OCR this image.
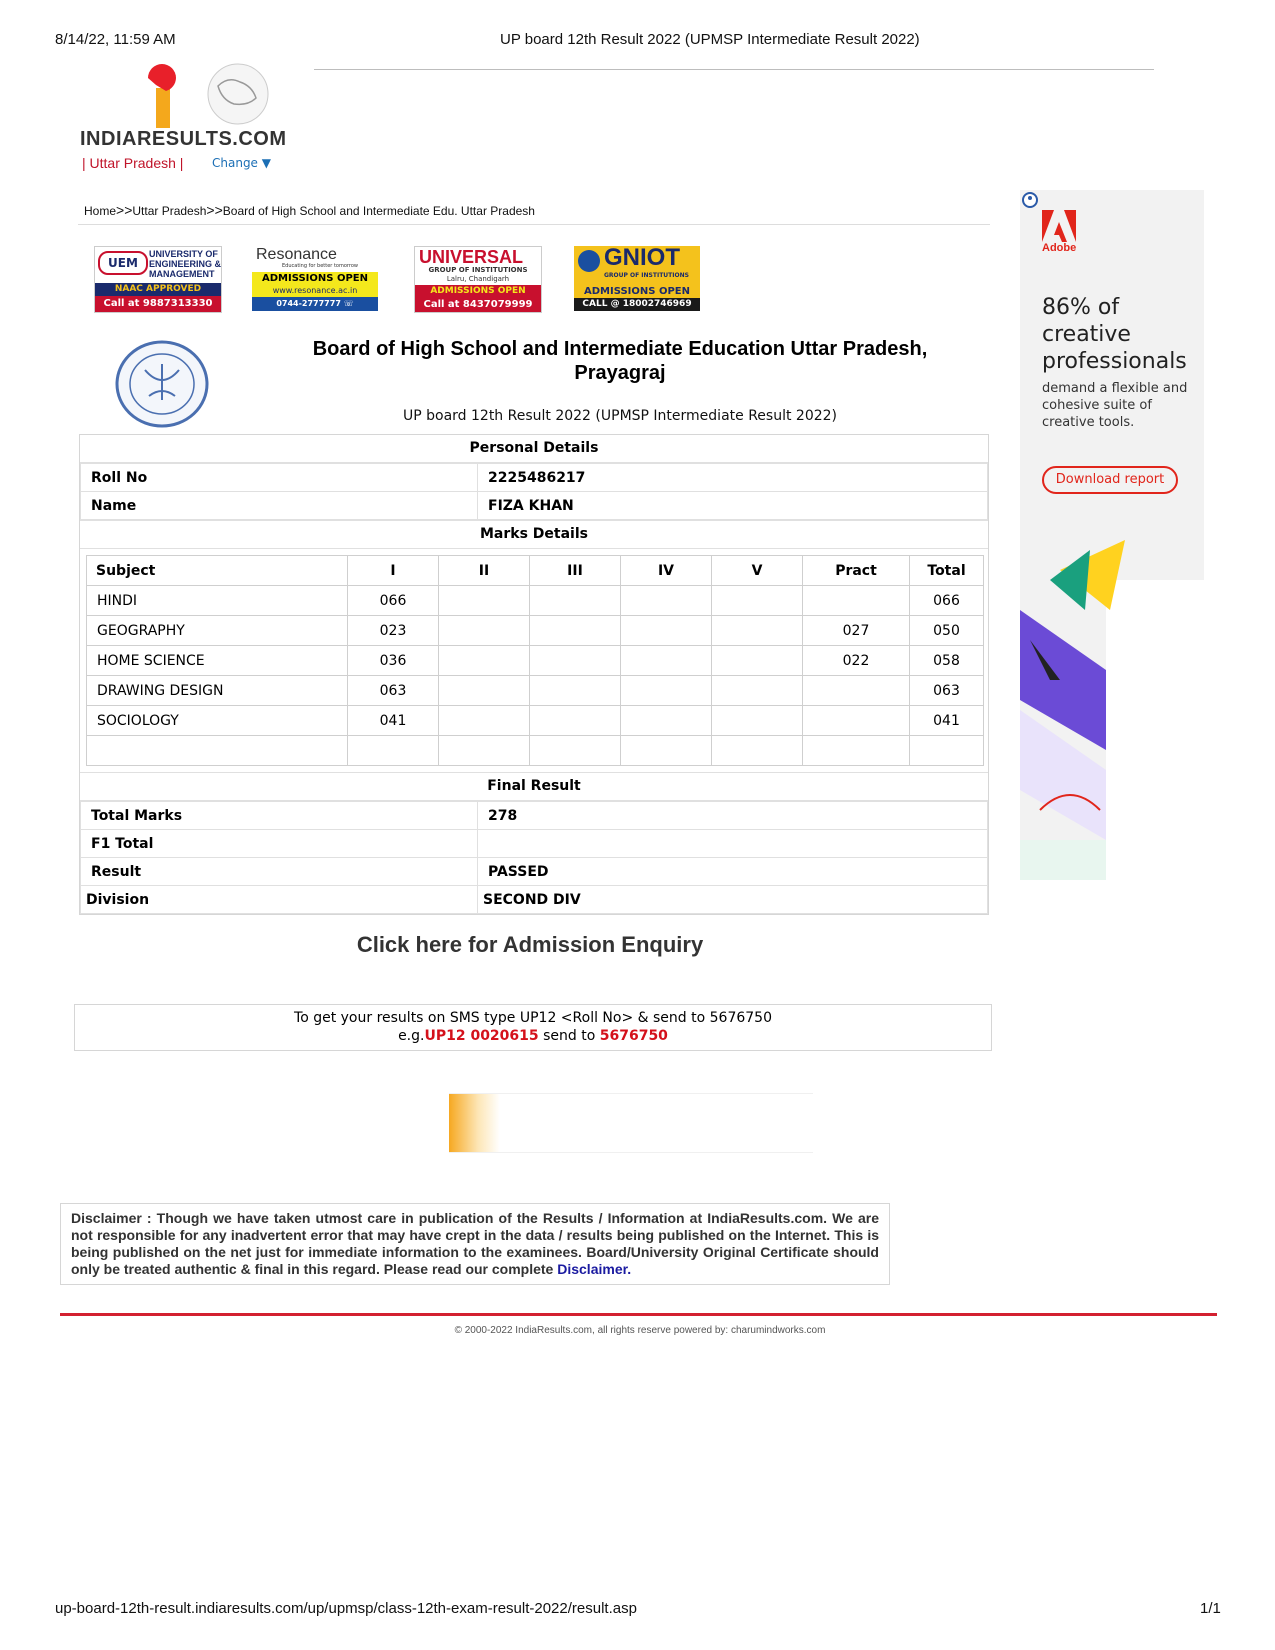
8/14/22, 11:59 AM	UP board 12th Result 2022 (UPMSP Intermediate Result 2022)
INDIARESULTS.COM
| Uttar Pradesh | Change ▼
Home>>Uttar Pradesh>>Board of High School and Intermediate Edu. Uttar Pradesh
UEM
UNIVERSITY OF
ENGINEERING &
MANAGEMENT
NAAC APPROVED
Call at 9887313330
Resonance
Educating for better tomorrow
ADMISSIONS OPEN
www.resonance.ac.in
0744-2777777 ☏ 7340010345
UNIVERSAL
GROUP OF INSTITUTIONS
Lalru, Chandigarh
ADMISSIONS OPEN
Call at 8437079999
GNIOT
GROUP OF INSTITUTIONS
ADMISSIONS OPEN
CALL @ 18002746969
Board of High School and Intermediate Education Uttar Pradesh, Prayagraj
UP board 12th Result 2022 (UPMSP Intermediate Result 2022)
Personal Details
Roll No	2225486217
Name	FIZA KHAN
Marks Details
Subject	I	II	III	IV	V	Pract	Total
HINDI	066						066
GEOGRAPHY	023					027	050
HOME SCIENCE	036					022	058
DRAWING DESIGN	063						063
SOCIOLOGY	041						041

Final Result
Total Marks	278
F1 Total	
Result	PASSED
Division	SECOND DIV
Click here for Admission Enquiry
To get your results on SMS type UP12 <Roll No> & send to 5676750
e.g.UP12 0020615 send to 5676750
Disclaimer : Though we have taken utmost care in publication of the Results / Information at IndiaResults.com. We are not responsible for any inadvertent error that may have crept in the data / results being published on the Internet. This is being published on the net just for immediate information to the examinees. Board/University Original Certificate should only be treated authentic & final in this regard. Please read our complete Disclaimer.
© 2000-2022 IndiaResults.com, all rights reserve powered by: charumindworks.com
Adobe
86% of
creative
professionals
demand a flexible and cohesive suite of creative tools.
Download report
up-board-12th-result.indiaresults.com/up/upmsp/class-12th-exam-result-2022/result.asp	1/1
